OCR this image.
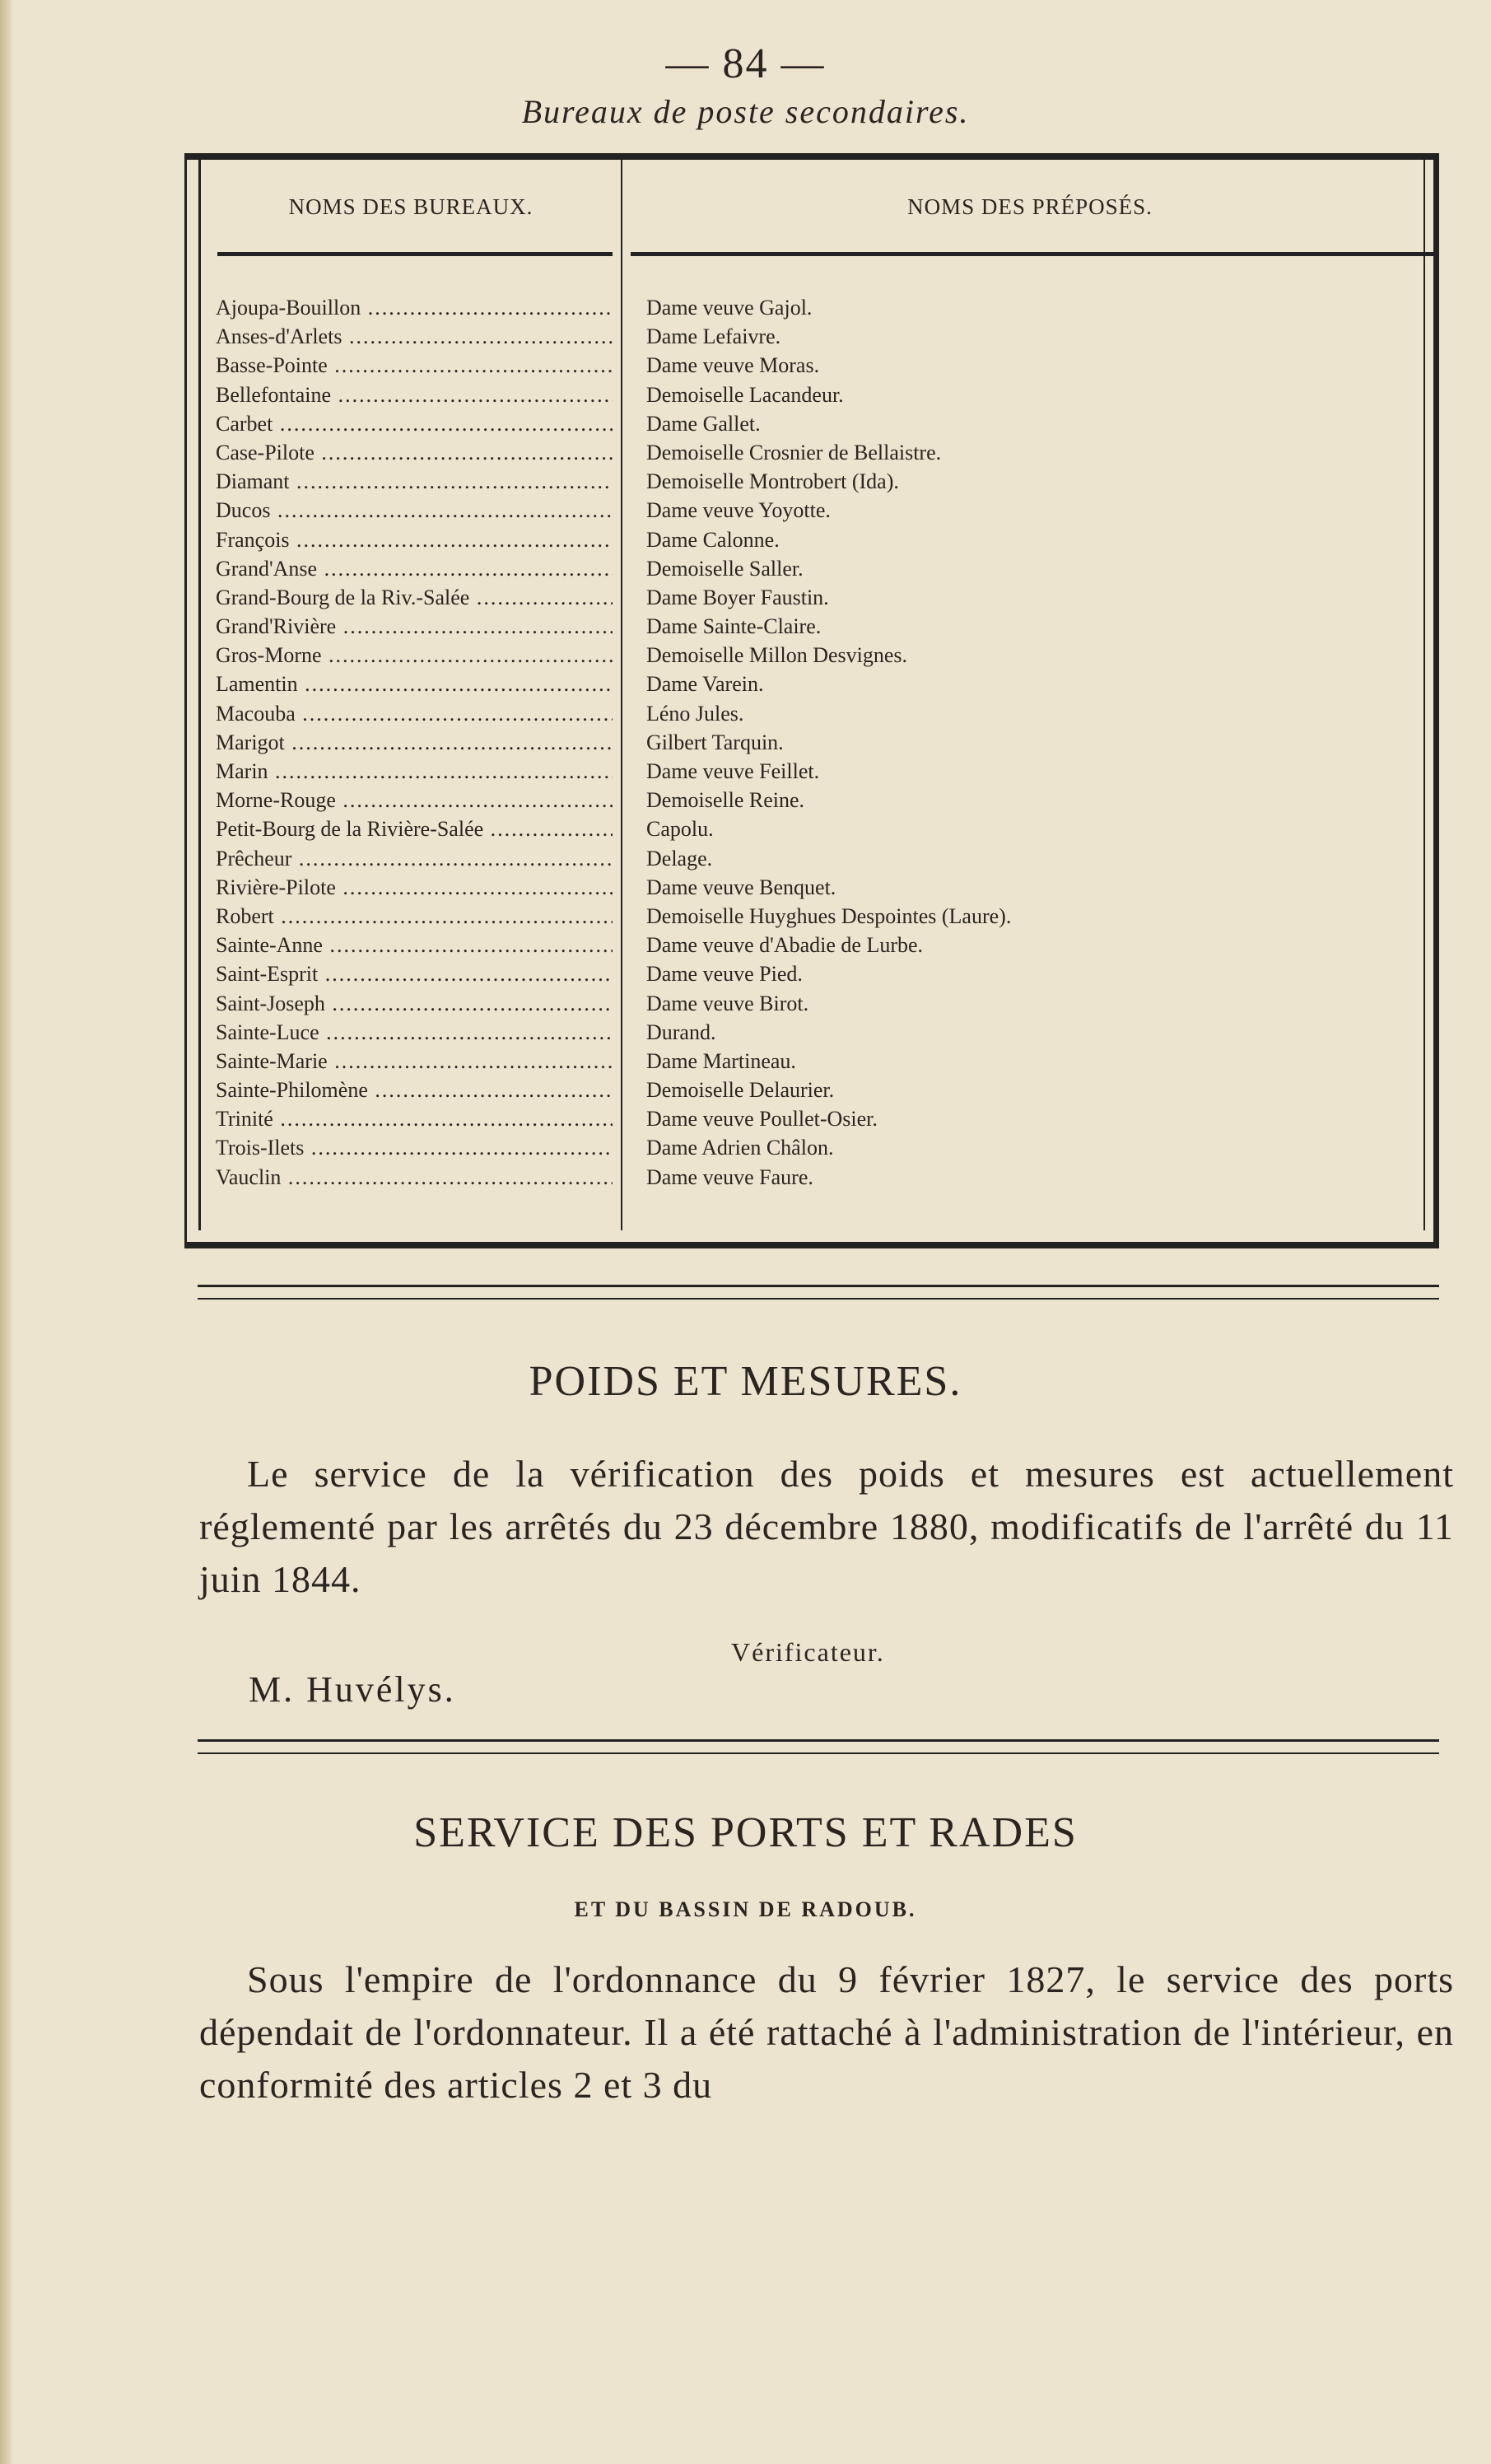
— 84 —
Bureaux de poste secondaires.
NOMS DES BUREAUX.	NOMS DES PRÉPOSÉS.
Ajoupa-Bouillon .....	Dame veuve Gajol.
Anses-d'Arlets .....	Dame Lefaivre.
Basse-Pointe .....	Dame veuve Moras.
Bellefontaine .....	Demoiselle Lacandeur.
Carbet .....	Dame Gallet.
Case-Pilote .....	Demoiselle Crosnier de Bellaistre.
Diamant .....	Demoiselle Montrobert (Ida).
Ducos .....	Dame veuve Yoyotte.
François .....	Dame Calonne.
Grand'Anse .....	Demoiselle Saller.
Grand-Bourg de la Riv.-Salée .....	Dame Boyer Faustin.
Grand'Rivière .....	Dame Sainte-Claire.
Gros-Morne .....	Demoiselle Millon Desvignes.
Lamentin .....	Dame Varein.
Macouba .....	Léno Jules.
Marigot .....	Gilbert Tarquin.
Marin .....	Dame veuve Feillet.
Morne-Rouge .....	Demoiselle Reine.
Petit-Bourg de la Rivière-Salée .....	Capolu.
Prêcheur .....	Delage.
Rivière-Pilote .....	Dame veuve Benquet.
Robert .....	Demoiselle Huyghues Despointes (Laure).
Sainte-Anne .....	Dame veuve d'Abadie de Lurbe.
Saint-Esprit .....	Dame veuve Pied.
Saint-Joseph .....	Dame veuve Birot.
Sainte-Luce .....	Durand.
Sainte-Marie .....	Dame Martineau.
Sainte-Philomène .....	Demoiselle Delaurier.
Trinité .....	Dame veuve Poullet-Osier.
Trois-Ilets .....	Dame Adrien Châlon.
Vauclin .....	Dame veuve Faure.
POIDS ET MESURES.
Le service de la vérification des poids et mesures est actuellement réglementé par les arrêtés du 23 décembre 1880, modificatifs de l'arrêté du 11 juin 1844.
Vérificateur.
M. Huvélys.
SERVICE DES PORTS ET RADES
ET DU BASSIN DE RADOUB.
Sous l'empire de l'ordonnance du 9 février 1827, le service des ports dépendait de l'ordonnateur. Il a été rattaché à l'administration de l'intérieur, en conformité des articles 2 et 3 du
